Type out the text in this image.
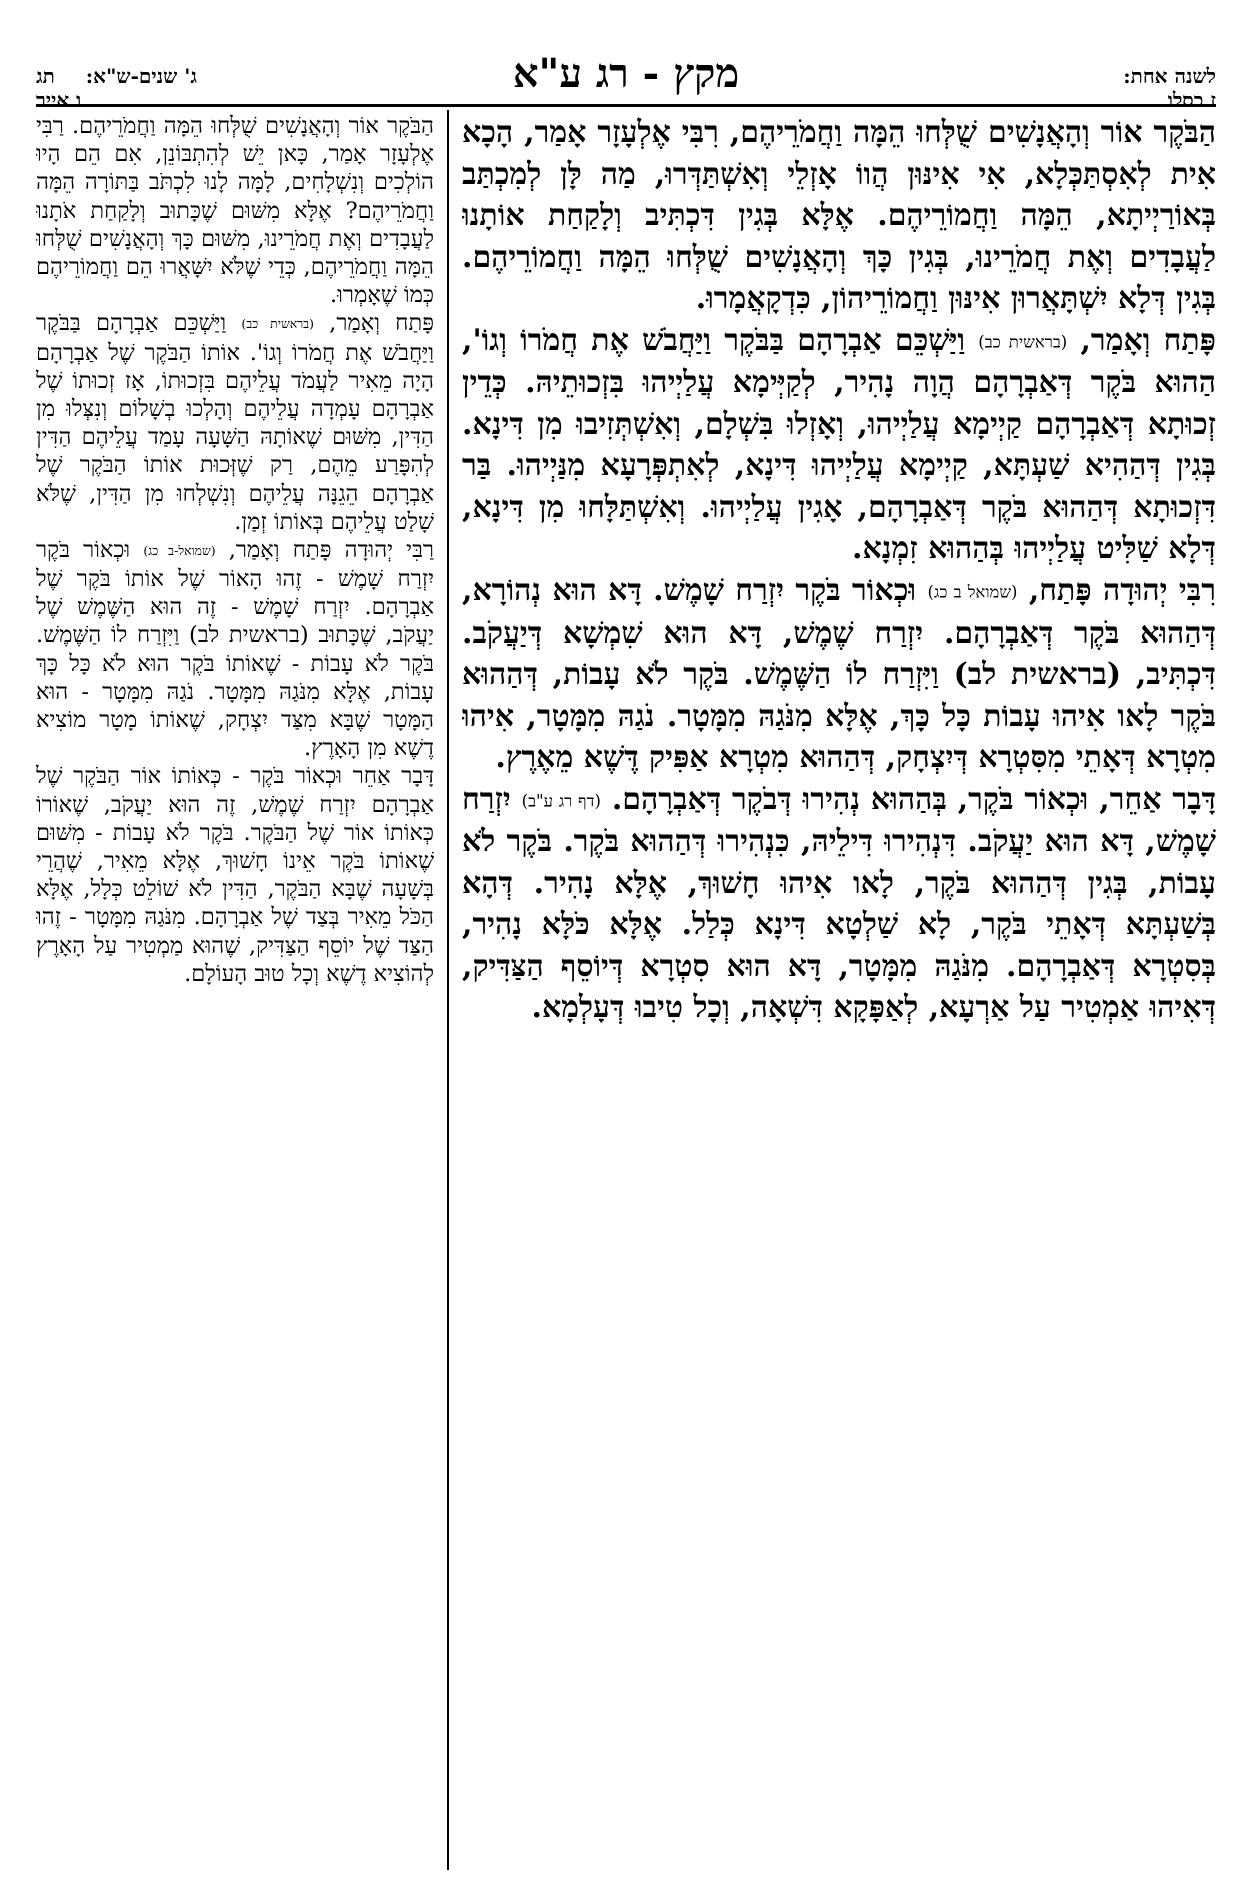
לשנה אחת:
ז כסלו
מקץ - רג ע"א
ג' שנים-ש"א: תג
ו אייר

הַבֹּקֶר אוֹר וְהָאֲנָשִׁים שֻׁלְּחוּ הֵמָּה וַחֲמֹרֵיהֶם, רִבִּי אֶלְעָזָר אָמַר, הָכָא אִית לְאִסְתַּכְּלָא, אִי אִינּוּן הֲווֹ אָזְלֵי וְאִשְׁתַּדְּרוּ, מַה לָּן לְמִכְתַּב בְּאוֹרַיְיתָא, הֵמָּה וַחֲמוֹרֵיהֶם. אֶלָּא בְּגִין דִּכְתִּיב וְלָקַחַת אוֹתָנוּ לַעֲבָדִים וְאֶת חֲמֹרֵינוּ, בְּגִין כָּךְ וְהָאֲנָשִׁים שֻׁלְּחוּ הֵמָּה וַחֲמוֹרֵיהֶם. בְּגִין דְּלָא יִשְׁתָּאֲרוּן אִינּוּן וַחֲמוֹרֵיהוֹן, כִּדְקָאֲמָרוּ.

פָּתַח וְאָמַר, (בראשית כב) וַיַּשְׁכֵּם אַבְרָהָם בַּבֹּקֶר וַיַּחֲבֹשׁ אֶת חֲמֹרוֹ וְגוֹ', הַהוּא בֹּקֶר דְּאַבְרָהָם הֲוָה נָהִיר, לְקַיְּימָא עֲלַיְיהוּ בִּזְכוּתֵיהּ. כְּדֵין זְכוּתָא דְּאַבְרָהָם קַיְימָא עֲלַיְיהוּ, וְאָזְלוּ בִּשְׁלָם, וְאִשְׁתְּזִיבוּ מִן דִּינָא. בְּגִין דְּהַהִיא שַׁעְתָּא, קַיְימָא עֲלַיְיהוּ דִּינָא, לְאִתְפְּרָעָא מִנַּיְיהוּ. בַּר דִּזְכוּתָא דְּהַהוּא בֹּקֶר דְּאַבְרָהָם, אָגִין עֲלַיְיהוּ. וְאִשְׁתַּלָּחוּ מִן דִּינָא, דְּלָא שַׁלִּיט עֲלַיְיהוּ בְּהַהוּא זִמְנָא.

רִבִּי יְהוּדָה פָּתַח, (שמואל ב כג) וּכְאוֹר בֹּקֶר יִזְרַח שָׁמֶשׁ. דָּא הוּא נְהוֹרָא, דְּהַהוּא בֹּקֶר דְּאַבְרָהָם. יִזְרַח שֶׁמֶשׁ, דָּא הוּא שִׁמְשָׁא דְּיַעֲקֹב. דִּכְתִּיב, (בראשית לב) וַיִּזְרַח לוֹ הַשֶּׁמֶשׁ. בֹּקֶר לֹא עָבוֹת, דְּהַהוּא בֹּקֶר לָאו אִיהוּ עָבוֹת כָּל כָּךְ, אֶלָּא מִנֹּגַהּ מִמָּטָר. נֹגַהּ מִמָּטָר, אִיהוּ מִטְרָא דְּאָתֵי מִסִּטְרָא דְּיִצְחָק, דְּהַהוּא מִטְרָא אַפִּיק דֶּשֶׁא מֵאֶרֶץ.

דָּבָר אַחֵר, וּכְאוֹר בֹּקֶר, בְּהַהוּא נְהִירוּ דְּבֹקֶר דְּאַבְרָהָם. (דף רג ע"ב) יִזְרַח שָׁמֶשׁ, דָּא הוּא יַעֲקֹב. דִּנְהִירוּ דִּילֵיהּ, כִּנְהִירוּ דְּהַהוּא בֹּקֶר. בֹּקֶר לֹא עָבוֹת, בְּגִין דְּהַהוּא בֹּקֶר, לָאו אִיהוּ חָשׁוּךְ, אֶלָּא נָהִיר. דְּהָא בְּשַׁעְתָּא דְּאָתֵי בֹּקֶר, לָא שַׁלְטָא דִּינָא כְּלַל. אֶלָּא כֹּלָּא נָהִיר, בְּסִטְרָא דְּאַבְרָהָם. מִנֹּגַהּ מִמָּטָר, דָּא הוּא סִטְרָא דְּיוֹסֵף הַצַּדִּיק, דְּאִיהוּ אַמְטִיר עַל אַרְעָא, לְאַפָּקָא דִּשְׁאָה, וְכָל טִיבוּ דְּעָלְמָא.

הַבֹּקֶר אוֹר וְהָאֲנָשִׁים שֻׁלְּחוּ הֵמָּה וַחֲמֹרֵיהֶם. רַבִּי אֶלְעָזָר אָמַר, כָּאן יֵשׁ לְהִתְבּוֹנֵן, אִם הֵם הָיוּ הוֹלְכִים וְנִשְׁלָחִים, לָמָּה לָנוּ לִכְתֹּב בַּתּוֹרָה הֵמָּה וַחֲמֹרֵיהֶם? אֶלָּא מִשּׁוּם שֶׁכָּתוּב וְלָקַחַת אֹתָנוּ לַעֲבָדִים וְאֶת חֲמֹרֵינוּ, מִשּׁוּם כָּךְ וְהָאֲנָשִׁים שֻׁלְּחוּ הֵמָּה וַחֲמֹרֵיהֶם, כְּדֵי שֶׁלֹּא יִשָּׁאֲרוּ הֵם וַחֲמוֹרֵיהֶם כְּמוֹ שֶׁאָמְרוּ.

פָּתַח וְאָמַר, (בראשית כב) וַיַּשְׁכֵּם אַבְרָהָם בַּבֹּקֶר וַיַּחֲבֹשׁ אֶת חֲמֹרוֹ וְגוֹ'. אוֹתוֹ הַבֹּקֶר שֶׁל אַבְרָהָם הָיָה מֵאִיר לַעֲמֹד עֲלֵיהֶם בִּזְכוּתוֹ, אָז זְכוּתוֹ שֶׁל אַבְרָהָם עָמְדָה עֲלֵיהֶם וְהָלְכוּ בְשָׁלוֹם וְנִצְּלוּ מִן הַדִּין, מִשּׁוּם שֶׁאוֹתָהּ הַשָּׁעָה עָמַד עֲלֵיהֶם הַדִּין לְהִפָּרַע מֵהֶם, רַק שֶׁזְּכוּת אוֹתוֹ הַבֹּקֶר שֶׁל אַבְרָהָם הֵגֵנָּה עֲלֵיהֶם וְנִשְׁלְחוּ מִן הַדִּין, שֶׁלֹּא שָׁלַט עֲלֵיהֶם בְּאוֹתוֹ זְמַן.

רַבִּי יְהוּדָה פָּתַח וְאָמַר, (שמואל-ב כג) וּכְאוֹר בֹּקֶר יִזְרַח שָׁמֶשׁ - זֶהוּ הָאוֹר שֶׁל אוֹתוֹ בֹּקֶר שֶׁל אַבְרָהָם. יִזְרַח שָׁמֶשׁ - זֶה הוּא הַשֶּׁמֶשׁ שֶׁל יַעֲקֹב, שֶׁכָּתוּב (בראשית לב) וַיִּזְרַח לוֹ הַשֶּׁמֶשׁ. בֹּקֶר לֹא עָבוֹת - שֶׁאוֹתוֹ בֹּקֶר הוּא לֹא כָּל כָּךְ עָבוֹת, אֶלָּא מִנֹּגַהּ מִמָּטָר. נֹגַהּ מִמָּטָר - הוּא הַמָּטָר שֶׁבָּא מִצַּד יִצְחָק, שֶׁאוֹתוֹ מָטָר מוֹצִיא דֶשֶׁא מִן הָאָרֶץ.

דָּבָר אַחֵר וּכְאוֹר בֹּקֶר - כְּאוֹתוֹ אוֹר הַבֹּקֶר שֶׁל אַבְרָהָם יִזְרַח שֶׁמֶשׁ, זֶה הוּא יַעֲקֹב, שֶׁאוֹרוֹ כְּאוֹתוֹ אוֹר שֶׁל הַבֹּקֶר. בֹּקֶר לֹא עָבוֹת - מִשּׁוּם שֶׁאוֹתוֹ בֹּקֶר אֵינוֹ חָשׁוּךְ, אֶלָּא מֵאִיר, שֶׁהֲרֵי בְּשָׁעָה שֶׁבָּא הַבֹּקֶר, הַדִּין לֹא שׁוֹלֵט כְּלָל, אֶלָּא הַכֹּל מֵאִיר בְּצַד שֶׁל אַבְרָהָם. מִנֹּגַהּ מִמָּטָר - זֶהוּ הַצַּד שֶׁל יוֹסֵף הַצַּדִּיק, שֶׁהוּא מַמְטִיר עַל הָאָרֶץ לְהוֹצִיא דֶשֶׁא וְכָל טוּב הָעוֹלָם.
